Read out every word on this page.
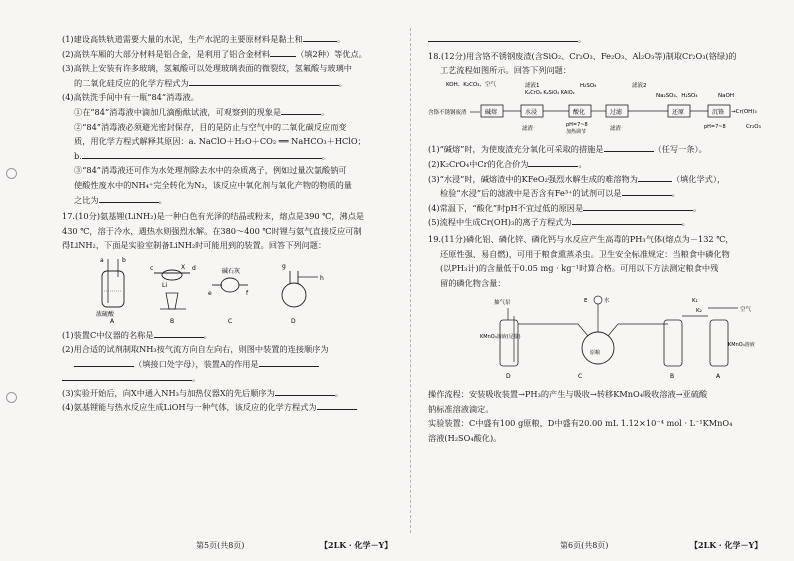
(1)建设高铁轨道需要大量的水泥，生产水泥的主要原材料是黏土和	。
(2)高铁车厢的大部分材料是铝合金，是利用了铝合金材料	（填2种）等优点。
(3)高铁上安装有许多玻璃，氢氟酸可以处理玻璃表面的微裂纹，氢氟酸与玻璃中
的二氧化硅反应的化学方程式为	。
(4)高铁洗手间中有一瓶“84”消毒液。
①在“84”消毒液中滴加几滴酚酞试液，可观察到的现象是	。
②“84”消毒液必须避光密封保存，目的是防止与空气中的二氧化碳反应而变
质，用化学方程式解释其原因：a. NaClO＋H₂O＋CO₂ ══ NaHCO₃＋HClO；
b.	。
③“84”消毒液还可作为水处理剂除去水中的杂质离子，例如过量次氯酸钠可
使酸性废水中的NH₄⁺完全转化为N₂，该反应中氧化剂与氧化产物的物质的量
之比为	。
17.(10分)氨基锂(LiNH₂)是一种白色有光泽的结晶或粉末，熔点是390 ℃，沸点是
430 ℃，溶于冷水，遇热水则强烈水解。在380～400 ℃时锂与氨气直接反应可制
得LiNH₂，下面是实验室制备LiNH₂时可能用到的装置。回答下列问题：
a	b
浓硫酸
A
X
Li
c	d
B
碱石灰
e	f
C
h
g
D
(1)装置C中仪器的名称是	。
(2)用合适的试剂制取NH₃按气流方向自左向右，则图中装置的连接顺序为
（填接口处字母），装置A的作用是
。
(3)实验开始后，向X中通入NH₃与加热仪器X的先后顺序为	。
(4)氨基锂能与热水反应生成LiOH与一种气体，该反应的化学方程式为
第5页(共8页)	【2LK · 化学－Y】
。
18.(12分)用含铬不锈钢废渣(含SiO₂、Cr₂O₃、Fe₂O₃、Al₂O₃等)制取Cr₂O₃(铬绿)的
工艺流程如图所示。回答下列问题：
KOH、K₂CO₃、空气	滤液1
K₂CrO₄ K₂SiO₃ KAlO₂
H₂SO₄	滤液2
Na₂SO₃、H₂SO₄	NaOH
含铬不锈钢废渣	碱熔	水浸	酸化	过滤	还原	沉铬 →Cr(OH)₃
Cr₂O₃
滤渣
pH=7~8
加热调节	滤渣	pH=7~8
(1)“碱熔”时，为使废渣充分氧化可采取的措施是	（任写一条）。
(2)K₂CrO₄中Cr的化合价为	。
(3)“水浸”时，碱熔渣中的KFeO₂强烈水解生成的难溶物为	（填化学式），
检验“水浸”后的滤液中是否含有Fe³⁺的试剂可以是	。
(4)常温下，“酸化”时pH不宜过低的原因是	。
(5)流程中生成Cr(OH)₃的离子方程式为	。
19.(11分)磷化铝、磷化锌、磷化钙与水反应产生高毒的PH₃气体(熔点为－132 ℃，
还原性强、易自燃)，可用于粮食熏蒸杀虫。卫生安全标准规定：当粮食中磷化物
(以PH₃计)的含量低于0.05 mg · kg⁻¹时算合格。可用以下方法测定粮食中残
留的磷化物含量：
抽气泵
KMnO₄溶液(足量)
D
E	水
原粮
C	B
K₁
K₂	空气
KMnO₄溶液
A
操作流程：安装吸收装置→PH₃的产生与吸收→转移KMnO₄吸收溶液→亚硫酸
钠标准溶液滴定。
实验装置：C中盛有100 g原粮，D中盛有20.00 mL 1.12×10⁻⁴ mol · L⁻¹KMnO₄
溶液(H₂SO₄酸化)。
第6页(共8页)	【2LK · 化学－Y】
